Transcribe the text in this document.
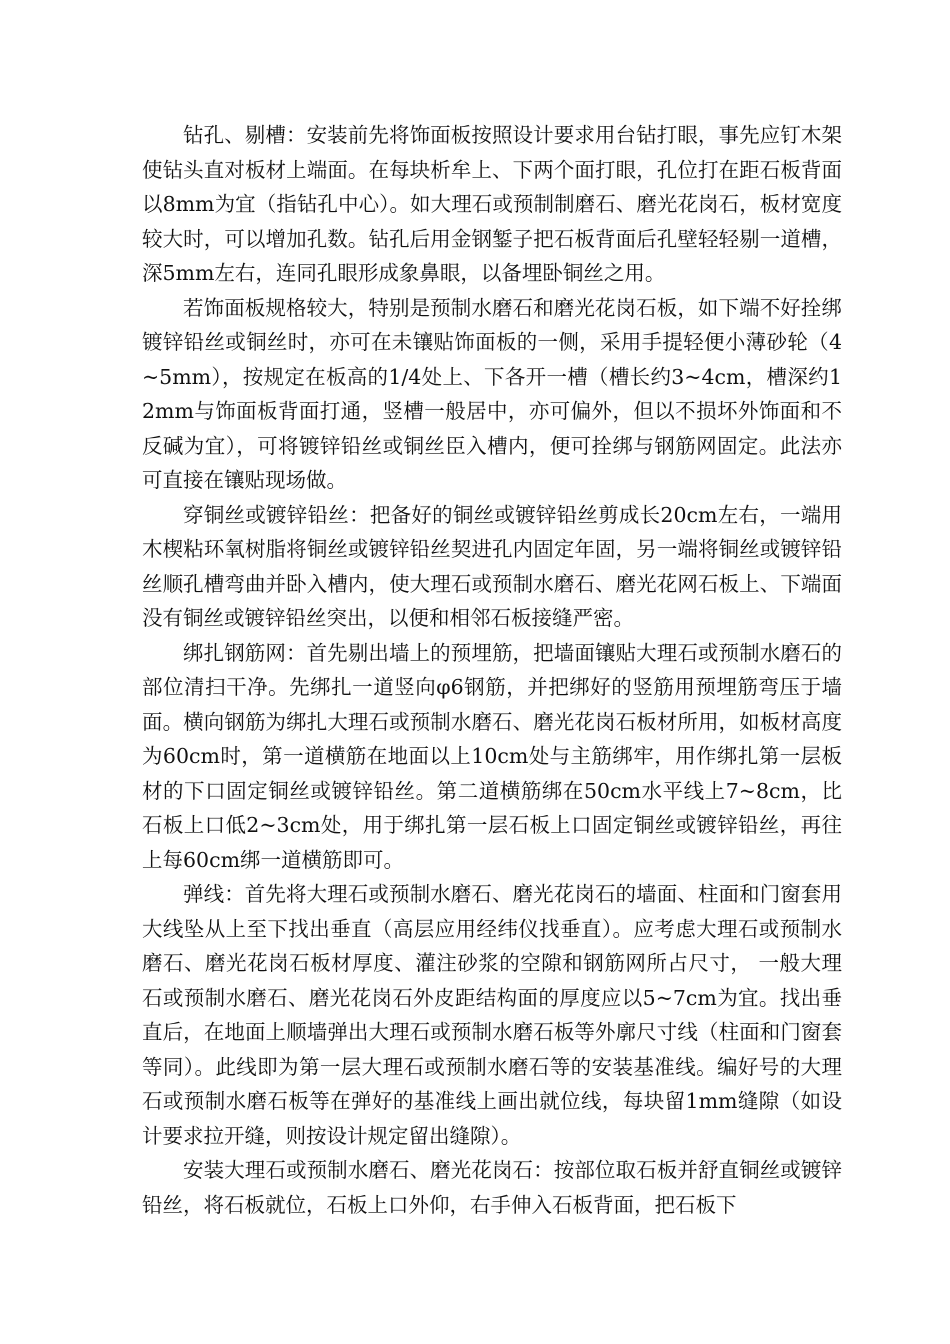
钻孔、剔槽：安装前先将饰面板按照设计要求用台钻打眼，事先应钉木架使钻头直对板材上端面。在每块析牟上、下两个面打眼，孔位打在距石板背面以8mm为宜（指钻孔中心）。如大理石或预制制磨石、磨光花岗石，板材宽度较大时，可以增加孔数。钻孔后用金钢錾子把石板背面后孔壁轻轻剔一道槽，深5mm左右，连同孔眼形成象鼻眼，以备埋卧铜丝之用。

若饰面板规格较大，特别是预制水磨石和磨光花岗石板，如下端不好拴绑镀锌铅丝或铜丝时，亦可在未镶贴饰面板的一侧，采用手提轻便小薄砂轮（4~5mm），按规定在板高的1/4处上、下各开一槽（槽长约3~4cm，槽深约12mm与饰面板背面打通，竖槽一般居中，亦可偏外，但以不损坏外饰面和不反碱为宜），可将镀锌铅丝或铜丝臣入槽内，便可拴绑与钢筋网固定。此法亦可直接在镶贴现场做。

穿铜丝或镀锌铅丝：把备好的铜丝或镀锌铅丝剪成长20cm左右，一端用木楔粘环氧树脂将铜丝或镀锌铅丝契进孔内固定年固，另一端将铜丝或镀锌铅丝顺孔槽弯曲并卧入槽内，使大理石或预制水磨石、磨光花网石板上、下端面没有铜丝或镀锌铅丝突出，以便和相邻石板接缝严密。

绑扎钢筋网：首先剔出墙上的预埋筋，把墙面镶贴大理石或预制水磨石的部位清扫干净。先绑扎一道竖向φ6钢筋，并把绑好的竖筋用预埋筋弯压于墙面。横向钢筋为绑扎大理石或预制水磨石、磨光花岗石板材所用，如板材高度为60cm时，第一道横筋在地面以上10cm处与主筋绑牢，用作绑扎第一层板材的下口固定铜丝或镀锌铅丝。第二道横筋绑在50cm水平线上7~8cm，比石板上口低2~3cm处，用于绑扎第一层石板上口固定铜丝或镀锌铅丝，再往上每60cm绑一道横筋即可。

弹线：首先将大理石或预制水磨石、磨光花岗石的墙面、柱面和门窗套用大线坠从上至下找出垂直（高层应用经纬仪找垂直）。应考虑大理石或预制水磨石、磨光花岗石板材厚度、灌注砂浆的空隙和钢筋网所占尺寸， 一般大理石或预制水磨石、磨光花岗石外皮距结构面的厚度应以5~7cm为宜。找出垂直后，在地面上顺墙弹出大理石或预制水磨石板等外廓尺寸线（柱面和门窗套等同）。此线即为第一层大理石或预制水磨石等的安装基准线。编好号的大理石或预制水磨石板等在弹好的基准线上画出就位线，每块留1mm缝隙（如设计要求拉开缝，则按设计规定留出缝隙）。

安装大理石或预制水磨石、磨光花岗石：按部位取石板并舒直铜丝或镀锌铅丝，将石板就位，石板上口外仰，右手伸入石板背面，把石板下
